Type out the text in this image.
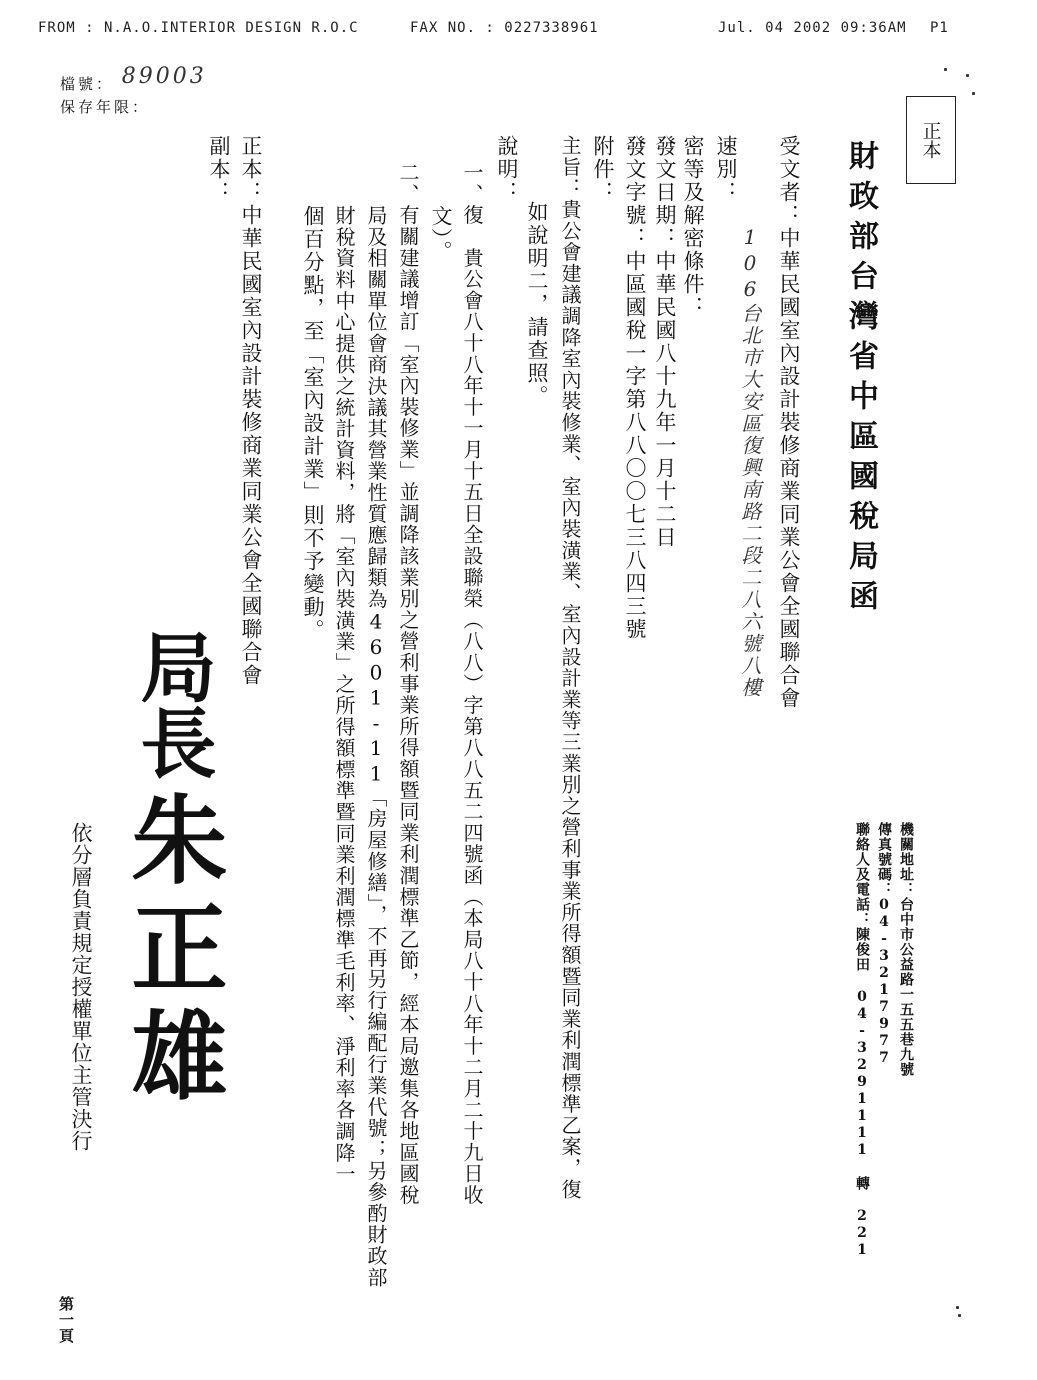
FROM : N.A.O.INTERIOR DESIGN R.O.C	FAX NO. : 0227338961	Jul. 04 2002 09:36AM P1
檔號： 89003
保存年限：
正本
財政部台灣省中區國稅局函
受文者：中華民國室內設計裝修商業同業公會全國聯合會
106台北市大安區復興南路二段二八六號八樓
速別：
密等及解密條件：
發文日期：中華民國八十九年一月十二日
發文字號：中區國稅一字第八八〇〇七三八四三號
附件：
主旨：貴公會建議調降室內裝修業、室內裝潢業、室內設計業等三業別之營利事業所得額暨同業利潤標準乙案，復
如說明二，請查照。
說明：
一、復　貴公會八十八年十一月十五日全設聯榮（八八）字第八八五二四號函（本局八十八年十二月二十九日收
文）。
二、有關建議增訂「室內裝修業」並調降該業別之營利事業所得額暨同業利潤標準乙節，經本局邀集各地區國稅
局及相關單位會商決議其營業性質應歸類為4601-11「房屋修繕」，不再另行編配行業代號；另參酌財政部
財稅資料中心提供之統計資料，將「室內裝潢業」之所得額標準暨同業利潤標準毛利率、淨利率各調降一
個百分點，至「室內設計業」則不予變動。
正本：中華民國室內設計裝修商業同業公會全國聯合會
副本：
機關地址：台中市公益路一五五巷九號
傳真號碼：04-3217977
聯絡人及電話：陳俊田 04-3291111 轉 221
局長
朱正雄
依分層負責規定授權單位主管決行
第一頁
